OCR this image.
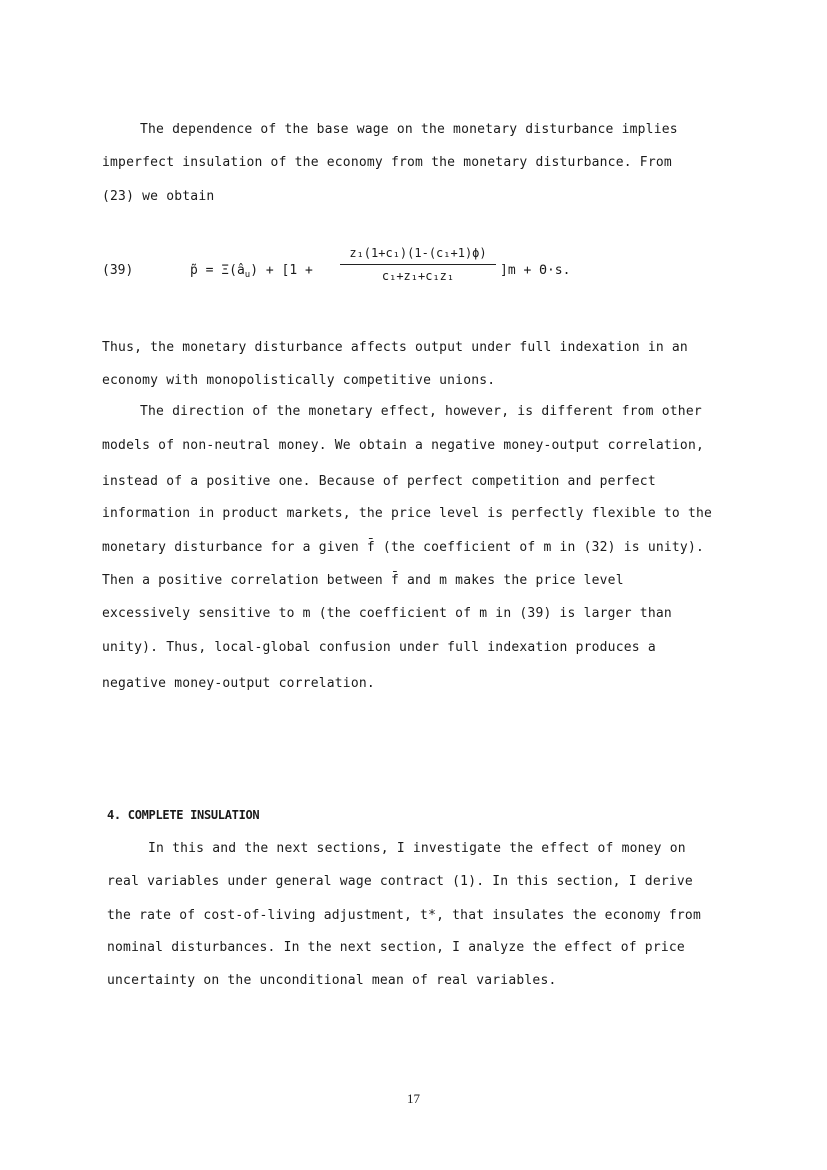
The dependence of the base wage on the monetary disturbance implies
imperfect insulation of the economy from the monetary disturbance. From
(23) we obtain
(39)	p̃ = $\Xi(â_u) + [1$ +
z₁(1+c₁)(1-(c₁+1)ϕ)
c₁+z₁+c₁z₁	]m + Θ·s.
Thus, the monetary disturbance affects output under full indexation in an
economy with monopolistically competitive unions.
The direction of the monetary effect, however, is different from other
models of non-neutral money. We obtain a negative money-output correlation,
instead of a positive one. Because of perfect competition and perfect
information in product markets, the price level is perfectly flexible to the
monetary disturbance for a given f̄ (the coefficient of m in (32) is unity).
Then a positive correlation between f̄ and m makes the price level
excessively sensitive to m (the coefficient of m in (39) is larger than
unity). Thus, local-global confusion under full indexation produces a
negative money-output correlation.
4. COMPLETE INSULATION
In this and the next sections, I investigate the effect of money on
real variables under general wage contract (1). In this section, I derive
the rate of cost-of-living adjustment, t*, that insulates the economy from
nominal disturbances. In the next section, I analyze the effect of price
uncertainty on the unconditional mean of real variables.
17
